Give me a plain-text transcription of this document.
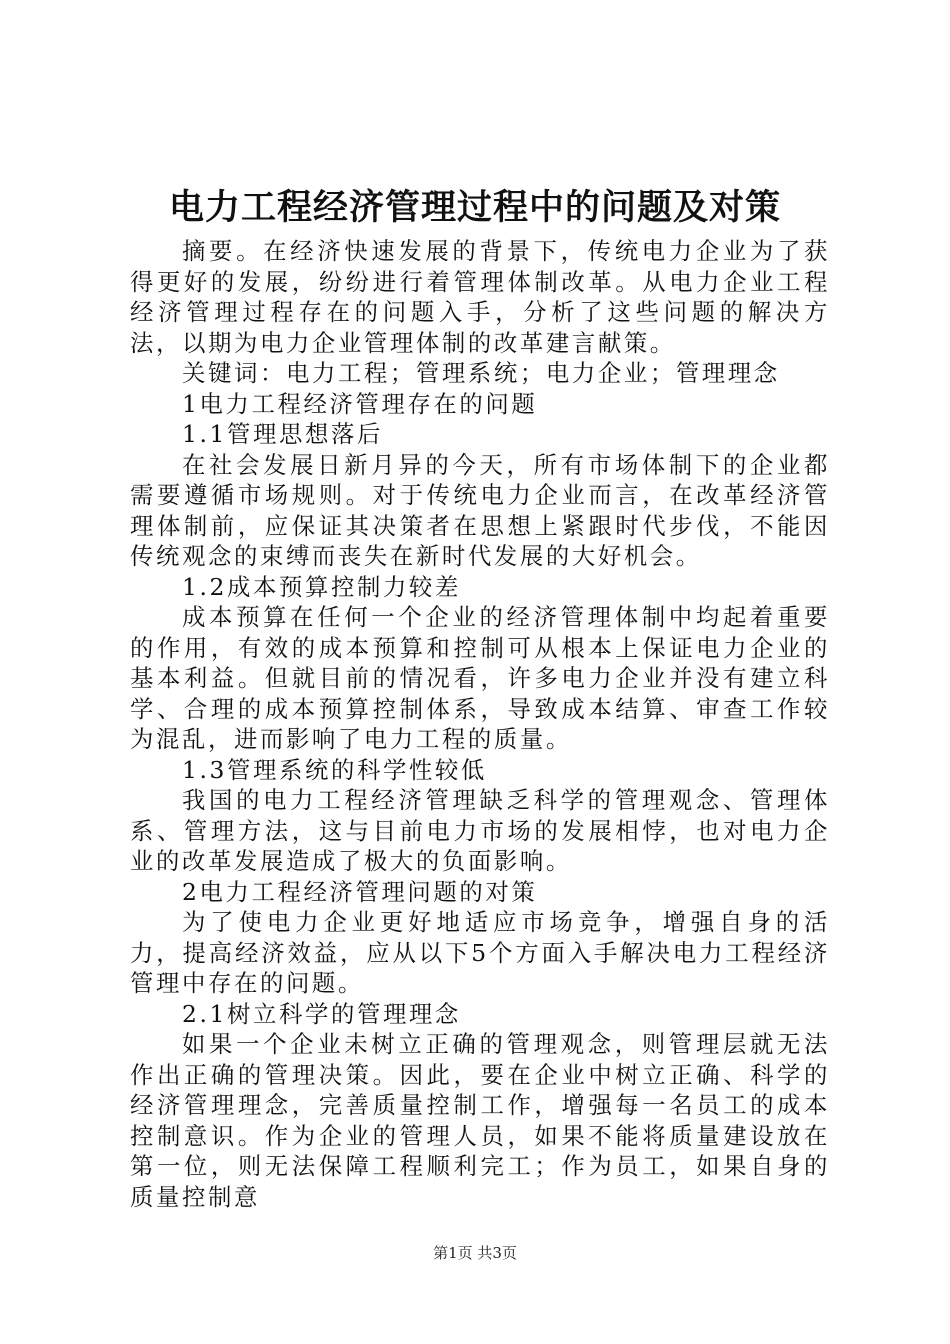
电力工程经济管理过程中的问题及对策

摘要。在经济快速发展的背景下，传统电力企业为了获得更好的发展，纷纷进行着管理体制改革。从电力企业工程经济管理过程存在的问题入手，分析了这些问题的解决方法，以期为电力企业管理体制的改革建言献策。

关键词：电力工程；管理系统；电力企业；管理理念

1电力工程经济管理存在的问题

1.1管理思想落后

在社会发展日新月异的今天，所有市场体制下的企业都需要遵循市场规则。对于传统电力企业而言，在改革经济管理体制前，应保证其决策者在思想上紧跟时代步伐，不能因传统观念的束缚而丧失在新时代发展的大好机会。

1.2成本预算控制力较差

成本预算在任何一个企业的经济管理体制中均起着重要的作用，有效的成本预算和控制可从根本上保证电力企业的基本利益。但就目前的情况看，许多电力企业并没有建立科学、合理的成本预算控制体系，导致成本结算、审查工作较为混乱，进而影响了电力工程的质量。

1.3管理系统的科学性较低

我国的电力工程经济管理缺乏科学的管理观念、管理体系、管理方法，这与目前电力市场的发展相悖，也对电力企业的改革发展造成了极大的负面影响。

2电力工程经济管理问题的对策

为了使电力企业更好地适应市场竞争，增强自身的活力，提高经济效益，应从以下5个方面入手解决电力工程经济管理中存在的问题。

2.1树立科学的管理理念

如果一个企业未树立正确的管理观念，则管理层就无法作出正确的管理决策。因此，要在企业中树立正确、科学的经济管理理念，完善质量控制工作，增强每一名员工的成本控制意识。作为企业的管理人员，如果不能将质量建设放在第一位，则无法保障工程顺利完工；作为员工，如果自身的质量控制意

第1页 共3页
